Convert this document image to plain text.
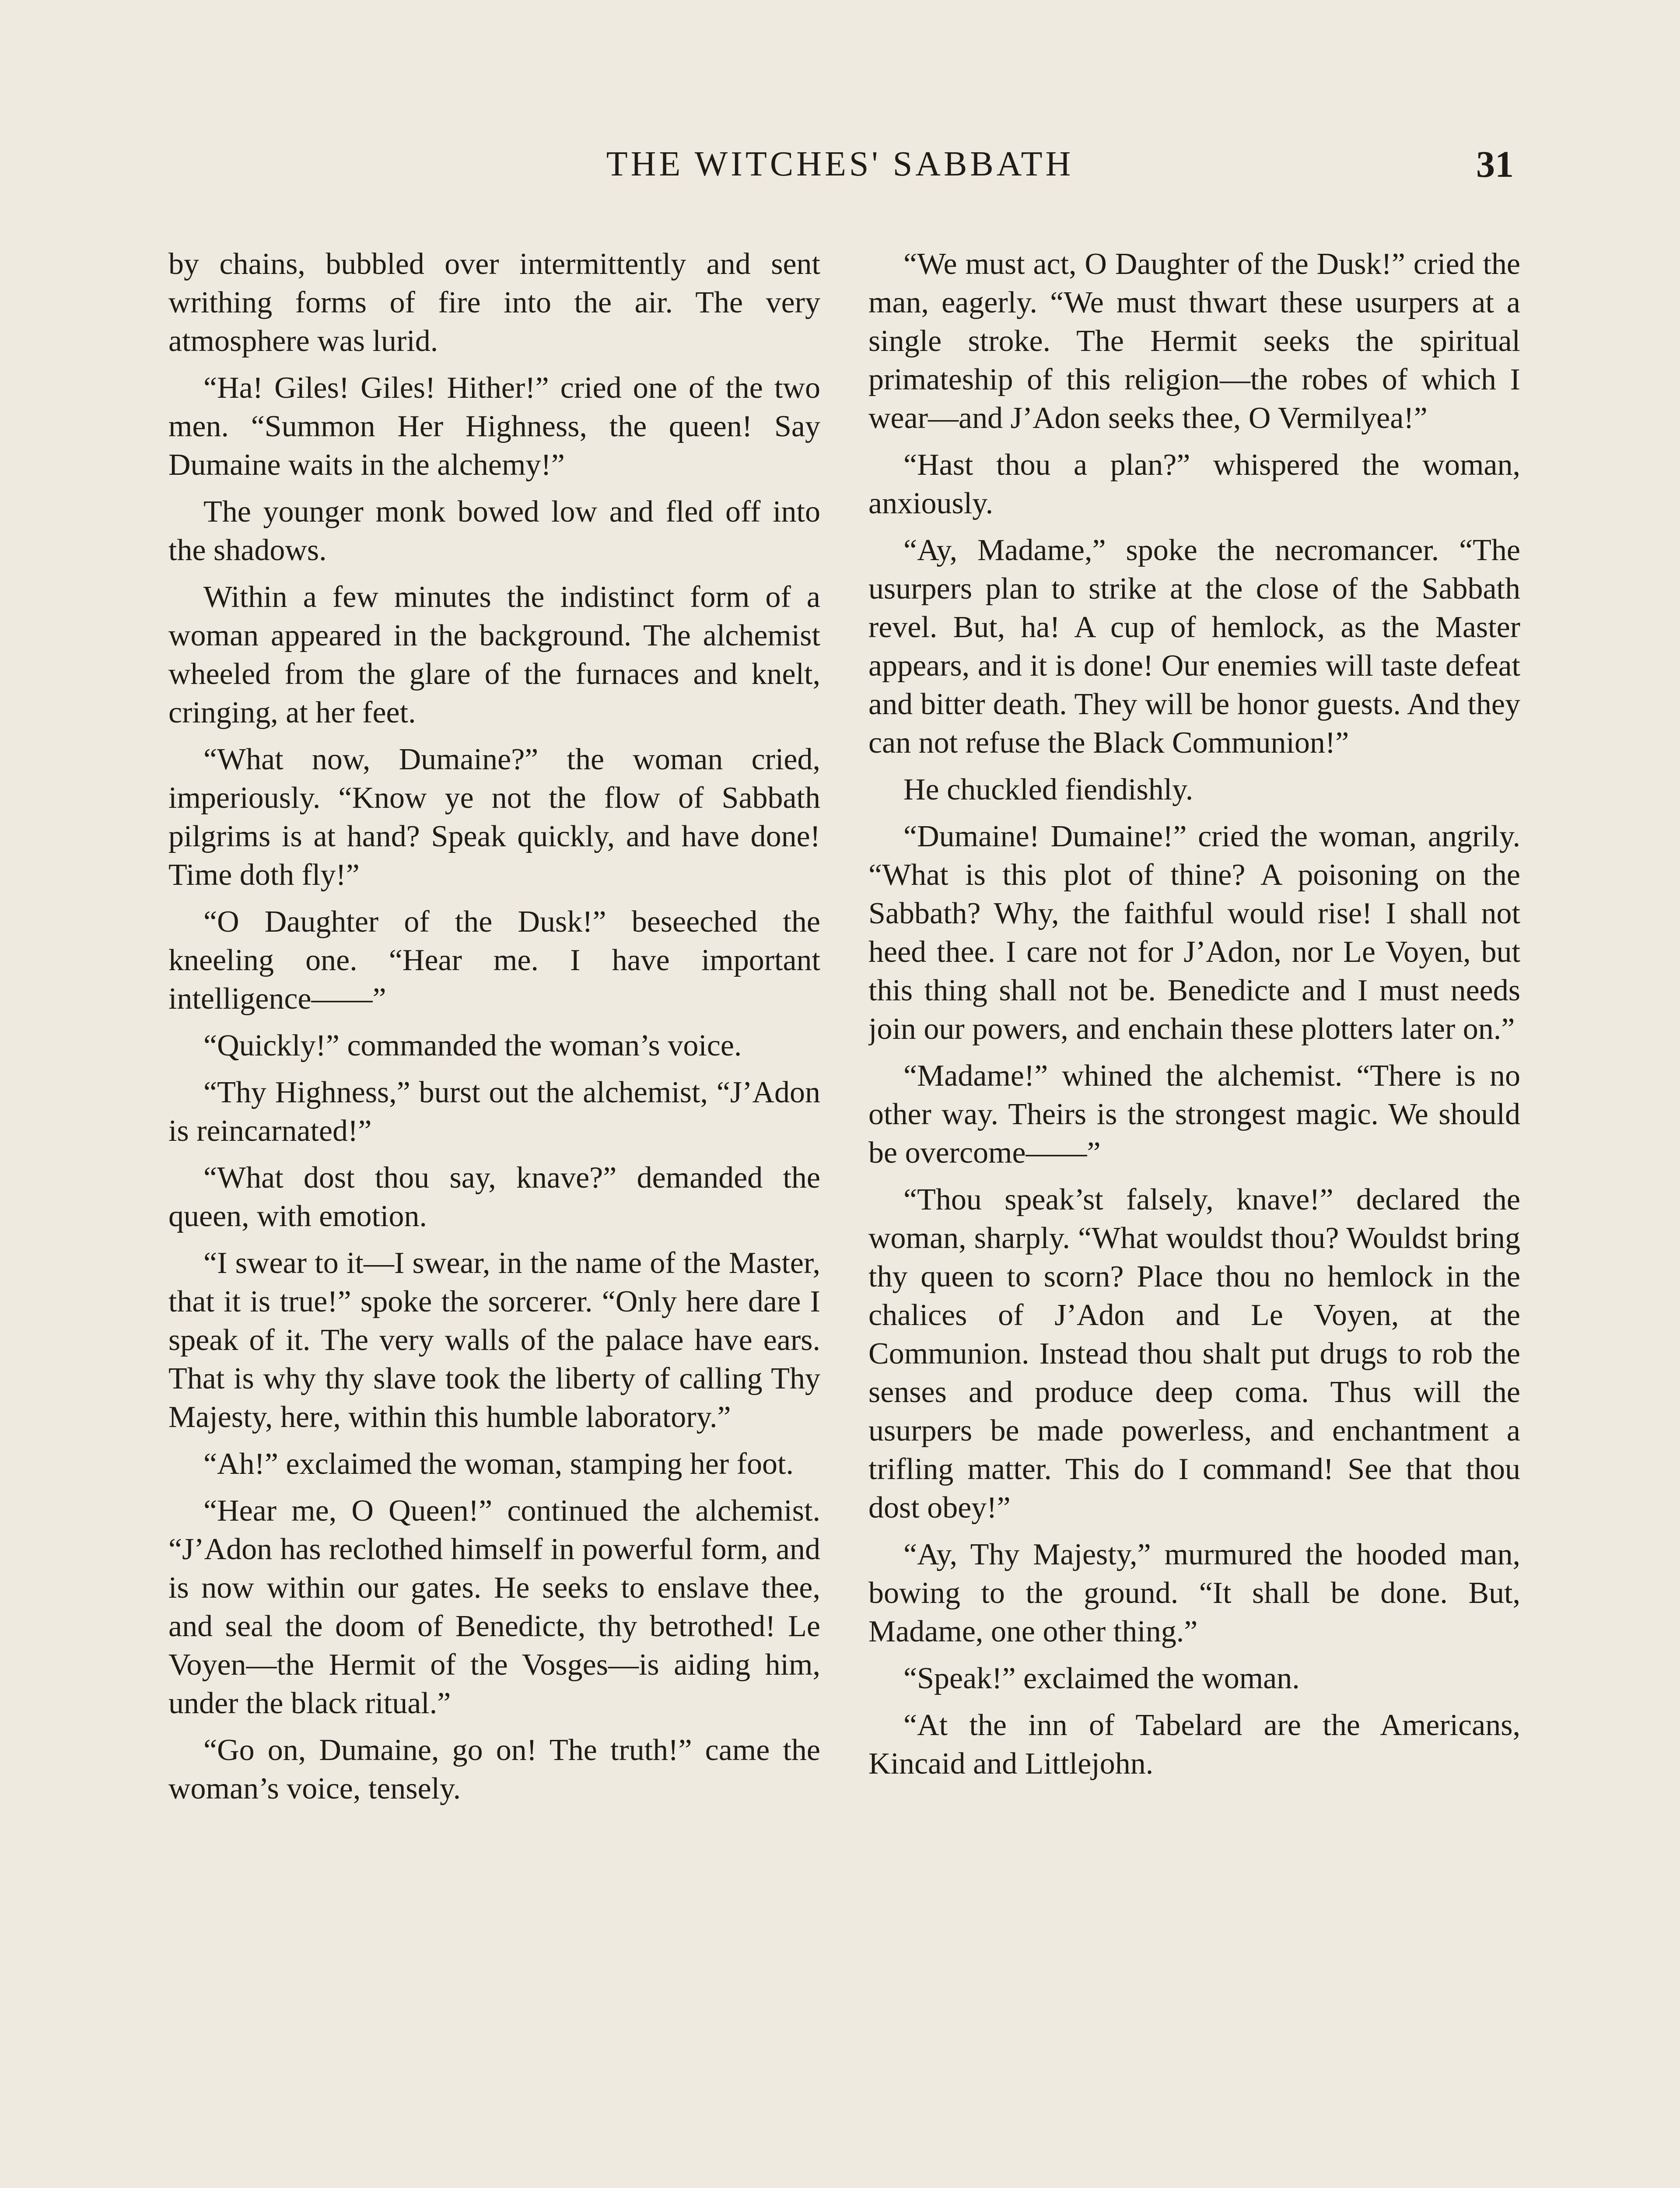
THE WITCHES' SABBATH	31

by chains, bubbled over intermittently and sent writhing forms of fire into the air. The very atmosphere was lurid.

“Ha! Giles! Giles! Hither!” cried one of the two men. “Summon Her Highness, the queen! Say Dumaine waits in the alchemy!”

The younger monk bowed low and fled off into the shadows.

Within a few minutes the indistinct form of a woman appeared in the background. The alchemist wheeled from the glare of the furnaces and knelt, cringing, at her feet.

“What now, Dumaine?” the woman cried, imperiously. “Know ye not the flow of Sabbath pilgrims is at hand? Speak quickly, and have done! Time doth fly!”

“O Daughter of the Dusk!” beseeched the kneeling one. “Hear me. I have important intelligence——”

“Quickly!” commanded the woman’s voice.

“Thy Highness,” burst out the alchemist, “J’Adon is reincarnated!”

“What dost thou say, knave?” demanded the queen, with emotion.

“I swear to it—I swear, in the name of the Master, that it is true!” spoke the sorcerer. “Only here dare I speak of it. The very walls of the palace have ears. That is why thy slave took the liberty of calling Thy Majesty, here, within this humble laboratory.”

“Ah!” exclaimed the woman, stamping her foot.

“Hear me, O Queen!” continued the alchemist. “J’Adon has reclothed himself in powerful form, and is now within our gates. He seeks to enslave thee, and seal the doom of Benedicte, thy betrothed! Le Voyen—the Hermit of the Vosges—is aiding him, under the black ritual.”

“Go on, Dumaine, go on! The truth!” came the woman’s voice, tensely.

“We must act, O Daughter of the Dusk!” cried the man, eagerly. “We must thwart these usurpers at a single stroke. The Hermit seeks the spiritual primateship of this religion—the robes of which I wear—and J’Adon seeks thee, O Vermilyea!”

“Hast thou a plan?” whispered the woman, anxiously.

“Ay, Madame,” spoke the necromancer. “The usurpers plan to strike at the close of the Sabbath revel. But, ha! A cup of hemlock, as the Master appears, and it is done! Our enemies will taste defeat and bitter death. They will be honor guests. And they can not refuse the Black Communion!”

He chuckled fiendishly.

“Dumaine! Dumaine!” cried the woman, angrily. “What is this plot of thine? A poisoning on the Sabbath? Why, the faithful would rise! I shall not heed thee. I care not for J’Adon, nor Le Voyen, but this thing shall not be. Benedicte and I must needs join our powers, and enchain these plotters later on.”

“Madame!” whined the alchemist. “There is no other way. Theirs is the strongest magic. We should be overcome——”

“Thou speak’st falsely, knave!” declared the woman, sharply. “What wouldst thou? Wouldst bring thy queen to scorn? Place thou no hemlock in the chalices of J’Adon and Le Voyen, at the Communion. Instead thou shalt put drugs to rob the senses and produce deep coma. Thus will the usurpers be made powerless, and enchantment a trifling matter. This do I command! See that thou dost obey!”

“Ay, Thy Majesty,” murmured the hooded man, bowing to the ground. “It shall be done. But, Madame, one other thing.”

“Speak!” exclaimed the woman.

“At the inn of Tabelard are the Americans, Kincaid and Littlejohn.
